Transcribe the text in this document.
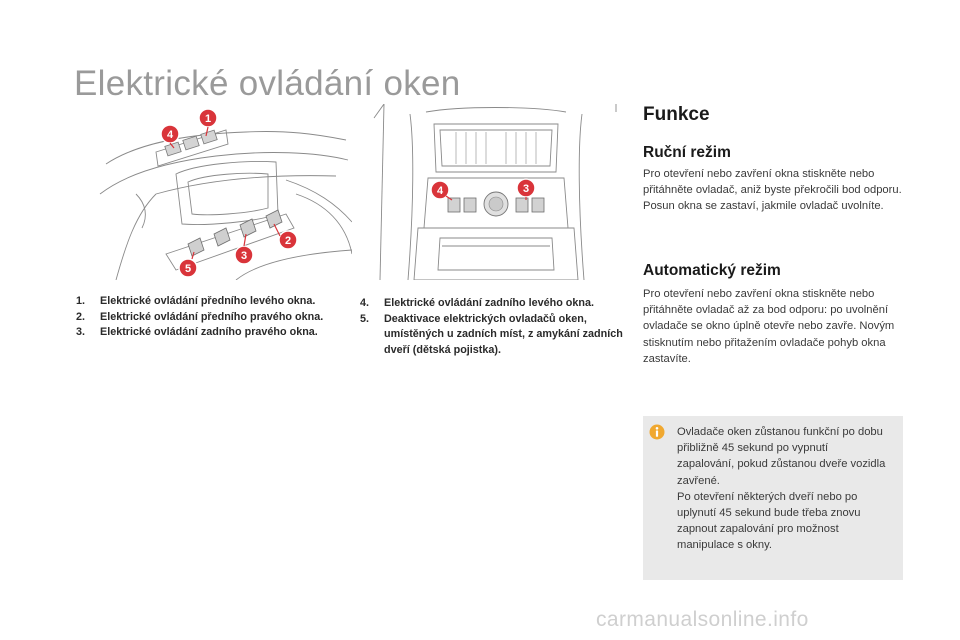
Elektrické ovládání oken
1
4
2
3
5
4	3
1.	Elektrické ovládání předního levého okna.
2.	Elektrické ovládání předního pravého okna.
3.	Elektrické ovládání zadního pravého okna.
4.	Elektrické ovládání zadního levého okna.
5.	Deaktivace elektrických ovladačů oken, umístěných u zadních míst, z amykání zadních dveří (dětská pojistka).
Funkce
Ruční režim

Pro otevření nebo zavření okna stiskněte nebo přitáhněte ovladač, aniž byste překročili bod odporu. Posun okna se zastaví, jakmile ovladač uvolníte.

Automatický režim

Pro otevření nebo zavření okna stiskněte nebo přitáhněte ovladač až za bod odporu: po uvolnění ovladače se okno úplně otevře nebo zavře. Novým stisknutím nebo přitažením ovladače pohyb okna zastavíte.

Ovladače oken zůstanou funkční po dobu přibližně 45 sekund po vypnutí zapalování, pokud zůstanou dveře vozidla zavřené.
Po otevření některých dveří nebo po uplynutí 45 sekund bude třeba znovu zapnout zapalování pro možnost manipulace s okny.

carmanualsonline.info
